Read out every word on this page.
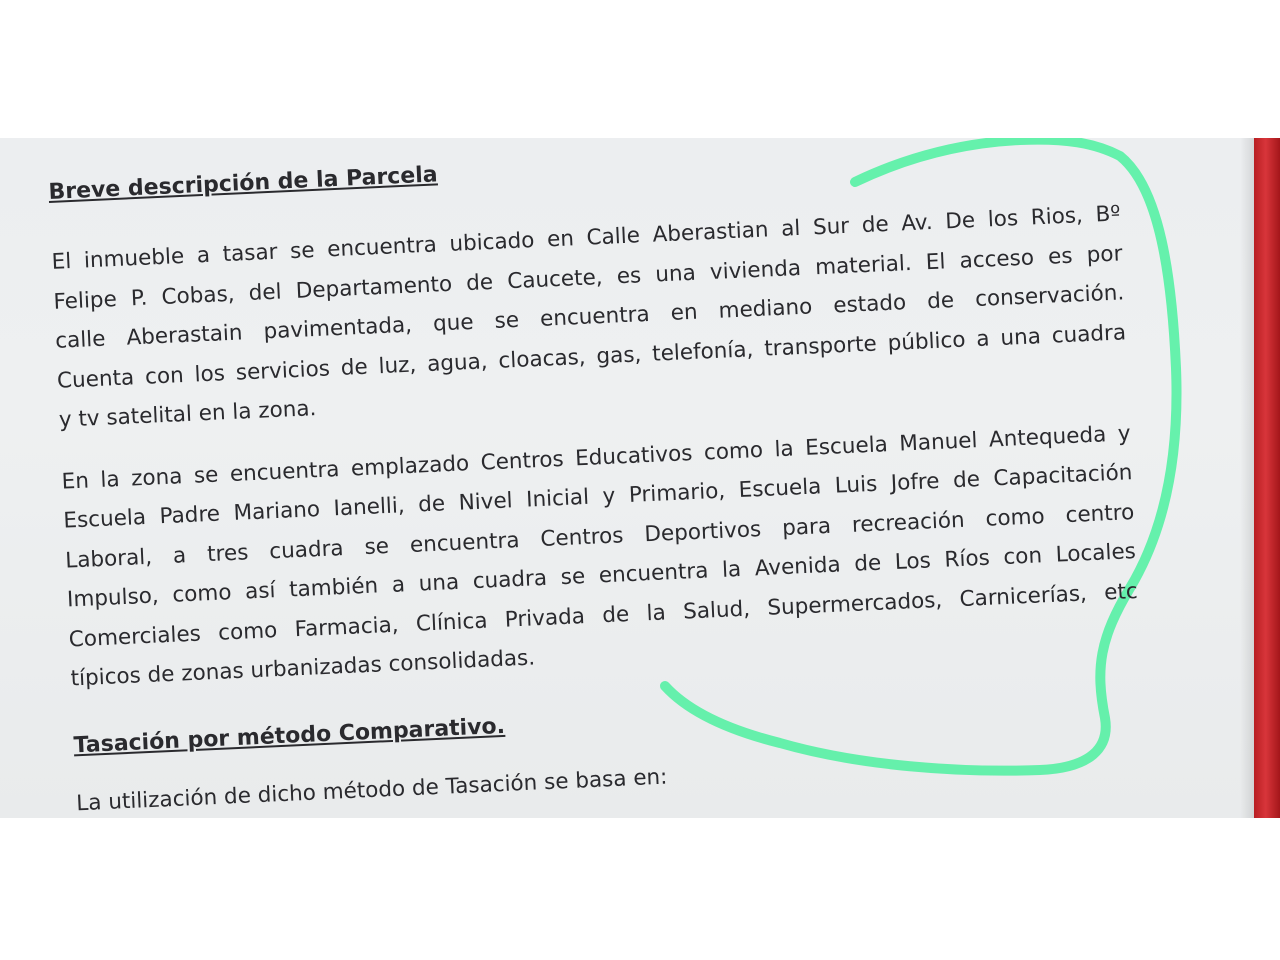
Breve descripción de la Parcela
El inmueble a tasar se encuentra ubicado en Calle Aberastian al Sur de Av. De los Rios, Bº
Felipe P. Cobas, del Departamento de Caucete, es una vivienda material. El acceso es por
calle Aberastain pavimentada, que se encuentra en mediano estado de conservación.
Cuenta con los servicios de luz, agua, cloacas, gas, telefonía, transporte público a una cuadra
y tv satelital en la zona.
En la zona se encuentra emplazado Centros Educativos como la Escuela Manuel Antequeda y
Escuela Padre Mariano Ianelli, de Nivel Inicial y Primario, Escuela Luis Jofre de Capacitación
Laboral, a tres cuadra se encuentra Centros Deportivos para recreación como centro
Impulso, como así también a una cuadra se encuentra la Avenida de Los Ríos con Locales
Comerciales como Farmacia, Clínica Privada de la Salud, Supermercados, Carnicerías, etc
típicos de zonas urbanizadas consolidadas.
Tasación por método Comparativo.
La utilización de dicho método de Tasación se basa en:
